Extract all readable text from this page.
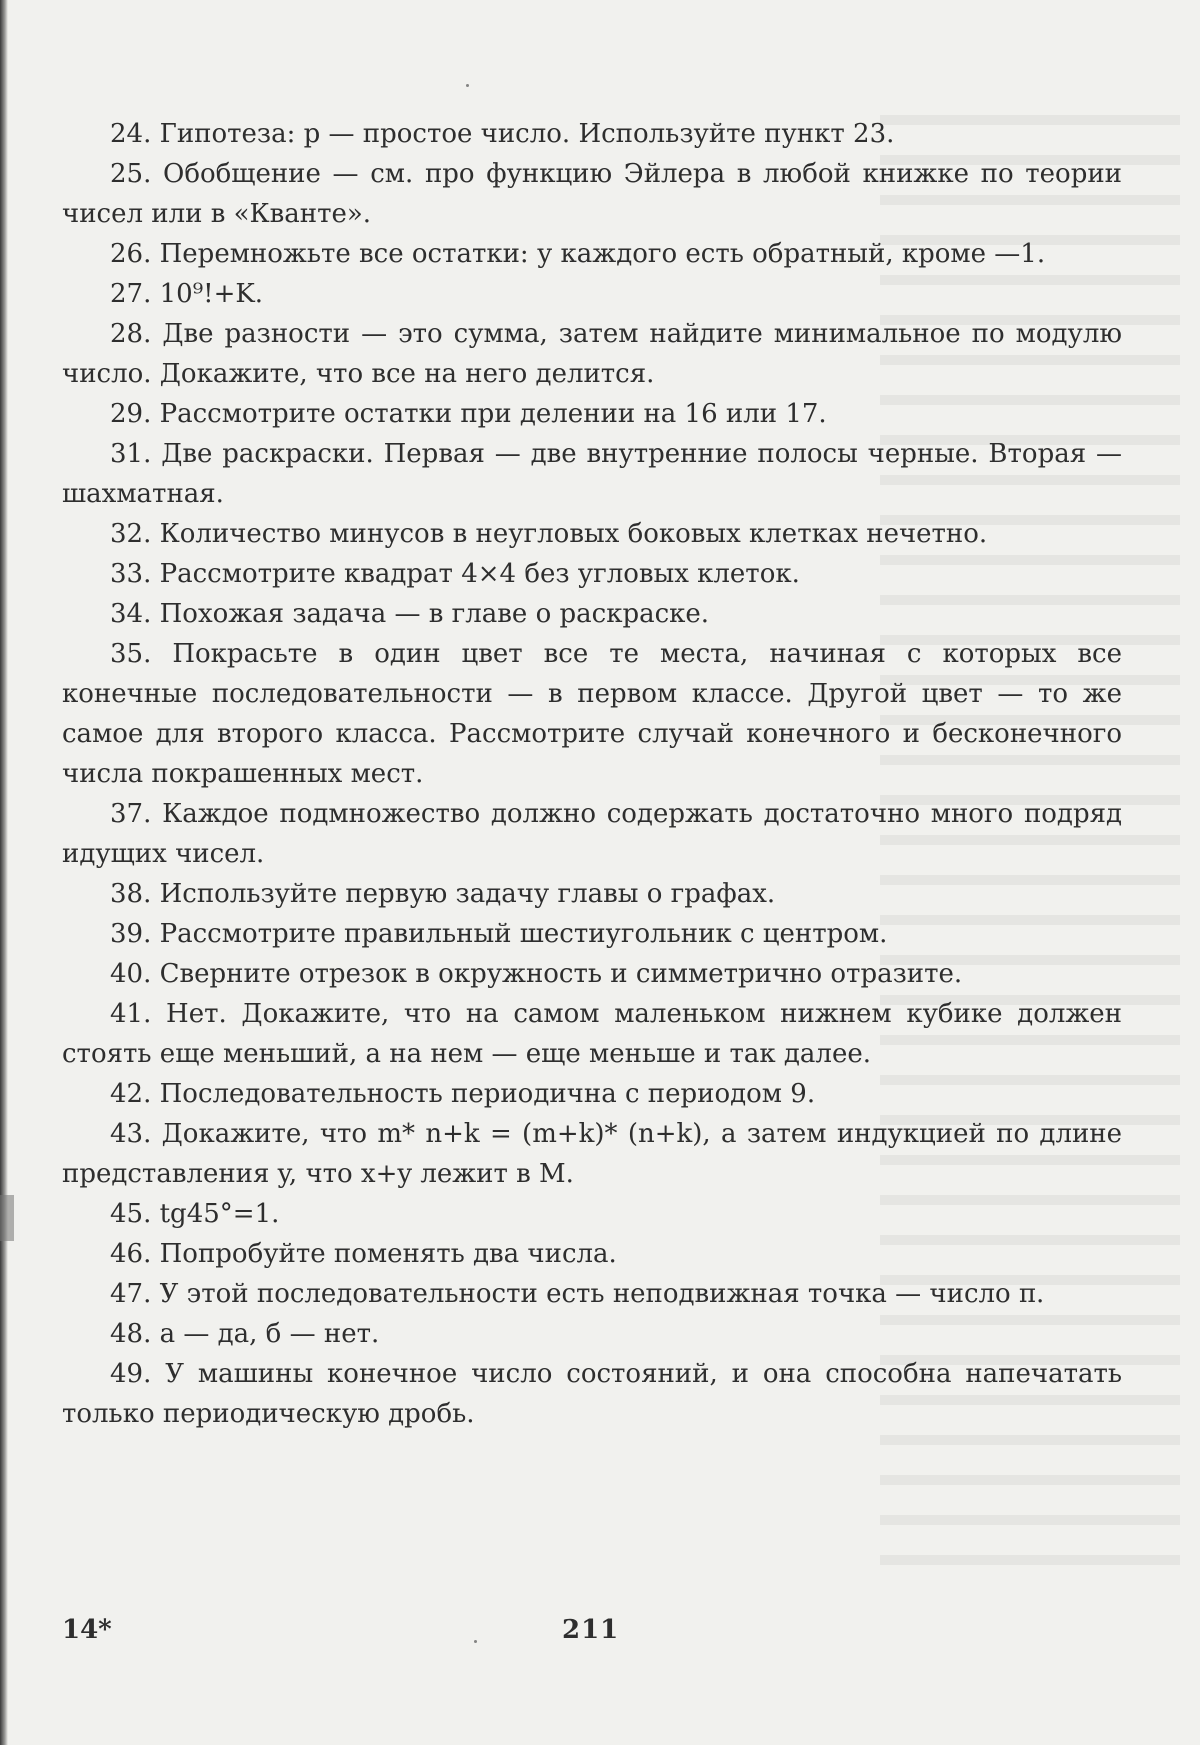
24. Гипотеза: p — простое число. Используйте пункт 23.

25. Обобщение — см. про функцию Эйлера в любой книжке по теории чисел или в «Кванте».

26. Перемножьте все остатки: у каждого есть обратный, кроме —1.

27. 10⁹!+K.

28. Две разности — это сумма, затем найдите минимальное по модулю число. Докажите, что все на него делится.

29. Рассмотрите остатки при делении на 16 или 17.

31. Две раскраски. Первая — две внутренние полосы черные. Вторая — шахматная.

32. Количество минусов в неугловых боковых клетках нечетно.

33. Рассмотрите квадрат 4×4 без угловых клеток.

34. Похожая задача — в главе о раскраске.

35. Покрасьте в один цвет все те места, начиная с которых все конечные последовательности — в первом классе. Другой цвет — то же самое для второго класса. Рассмотрите случай конечного и бесконечного числа покрашенных мест.

37. Каждое подмножество должно содержать достаточно много подряд идущих чисел.

38. Используйте первую задачу главы о графах.

39. Рассмотрите правильный шестиугольник с центром.

40. Сверните отрезок в окружность и симметрично отразите.

41. Нет. Докажите, что на самом маленьком нижнем кубике должен стоять еще меньший, а на нем — еще меньше и так далее.

42. Последовательность периодична с периодом 9.

43. Докажите, что m* n+k = (m+k)* (n+k), а затем индукцией по длине представления y, что x+y лежит в M.

45. tg45°=1.

46. Попробуйте поменять два числа.

47. У этой последовательности есть неподвижная точка — число π.

48. а — да, б — нет.

49. У машины конечное число состояний, и она способна напечатать только периодическую дробь.

14*	211
